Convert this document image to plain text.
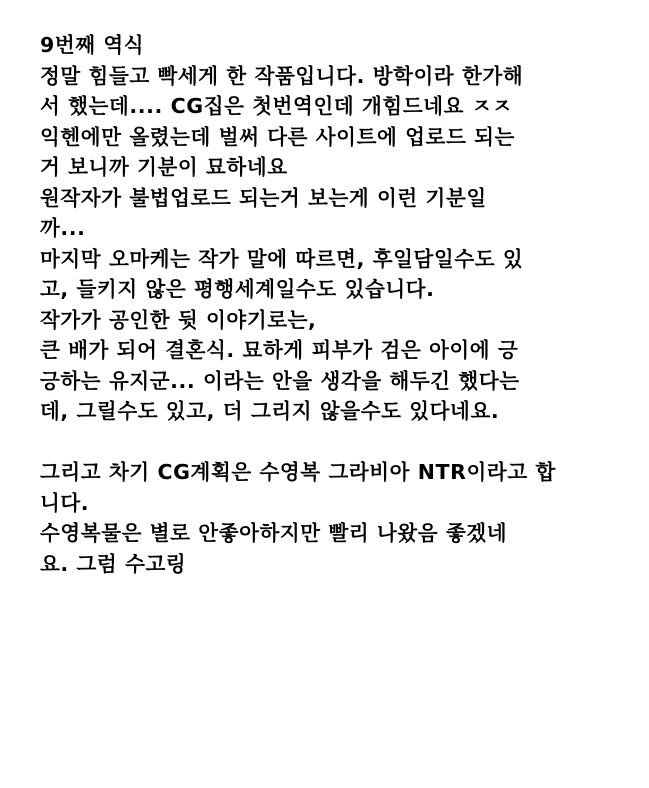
9번째 역식
정말 힘들고 빡세게 한 작품입니다. 방학이라 한가해
서 했는데.... CG집은 첫번역인데 개힘드네요 ㅈㅈ
익헨에만 올렸는데 벌써 다른 사이트에 업로드 되는
거 보니까 기분이 묘하네요
원작자가 불법업로드 되는거 보는게 이런 기분일
까...
마지막 오마케는 작가 말에 따르면, 후일담일수도 있
고, 들키지 않은 평행세계일수도 있습니다.
작가가 공인한 뒷 이야기로는,
큰 배가 되어 결혼식. 묘하게 피부가 검은 아이에 긍
긍하는 유지군... 이라는 안을 생각을 해두긴 했다는
데, 그릴수도 있고, 더 그리지 않을수도 있다네요.
그리고 차기 CG계획은 수영복 그라비아 NTR이라고 합
니다.
수영복물은 별로 안좋아하지만 빨리 나왔음 좋겠네
요. 그럼 수고링
